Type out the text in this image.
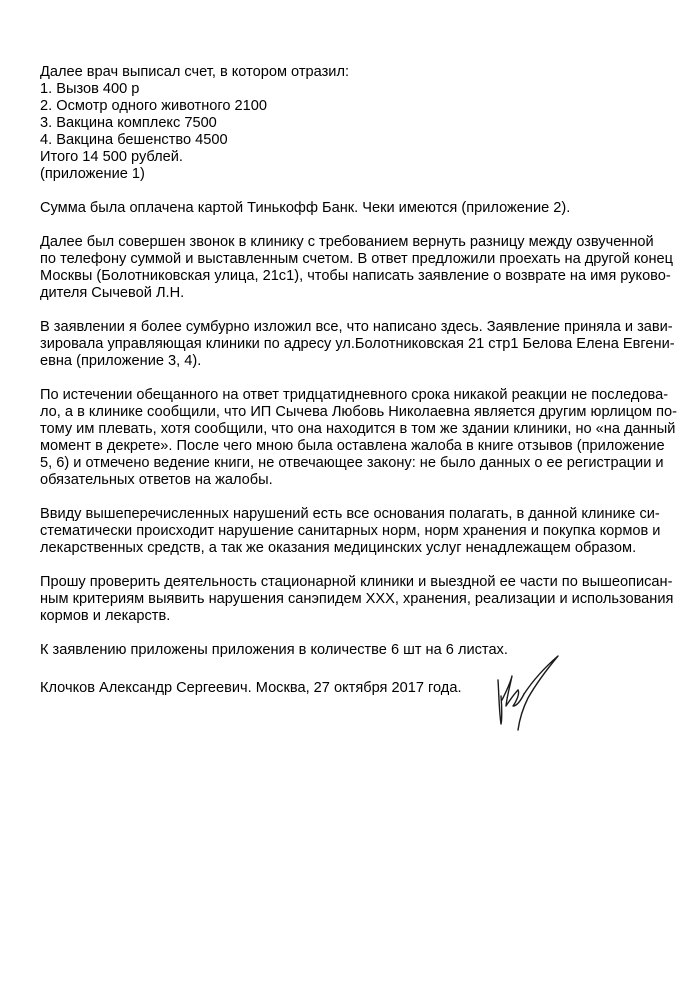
Далее врач выписал счет, в котором отразил:
1. Вызов 400 р
2. Осмотр одного животного 2100
3. Вакцина комплекс 7500
4. Вакцина бешенство 4500
Итого 14 500 рублей.
(приложение 1)
Сумма была оплачена картой Тинькофф Банк. Чеки имеются (приложение 2).
Далее был совершен звонок в клинику с требованием вернуть разницу между озвученной
по телефону суммой и выставленным счетом. В ответ предложили проехать на другой конец
Москвы (Болотниковская улица, 21с1), чтобы написать заявление о возврате на имя руково-
дителя Сычевой Л.Н.
В заявлении я более сумбурно изложил все, что написано здесь. Заявление приняла и зави-
зировала управляющая клиники по адресу ул.Болотниковская 21 стр1 Белова Елена Евгени-
евна (приложение 3, 4).
По истечении обещанного на ответ тридцатидневного срока никакой реакции не последова-
ло, а в клинике сообщили, что ИП Сычева Любовь Николаевна является другим юрлицом по-
тому им плевать, хотя сообщили, что она находится в том же здании клиники, но «на данный
момент в декрете». После чего мною была оставлена жалоба в книге отзывов (приложение
5, 6) и отмечено ведение книги, не отвечающее закону: не было данных о ее регистрации и
обязательных ответов на жалобы.
Ввиду вышеперечисленных нарушений есть все основания полагать, в данной клинике си-
стематически происходит нарушение санитарных норм, норм хранения и покупка кормов и
лекарственных средств, а так же оказания медицинских услуг ненадлежащем образом.
Прошу проверить деятельность стационарной клиники и выездной ее части по вышеописан-
ным критериям выявить нарушения санэпидем ХХХ, хранения, реализации и использования
кормов и лекарств.
К заявлению приложены приложения в количестве 6 шт на 6 листах.
Клочков Александр Сергеевич. Москва, 27 октября 2017 года.
